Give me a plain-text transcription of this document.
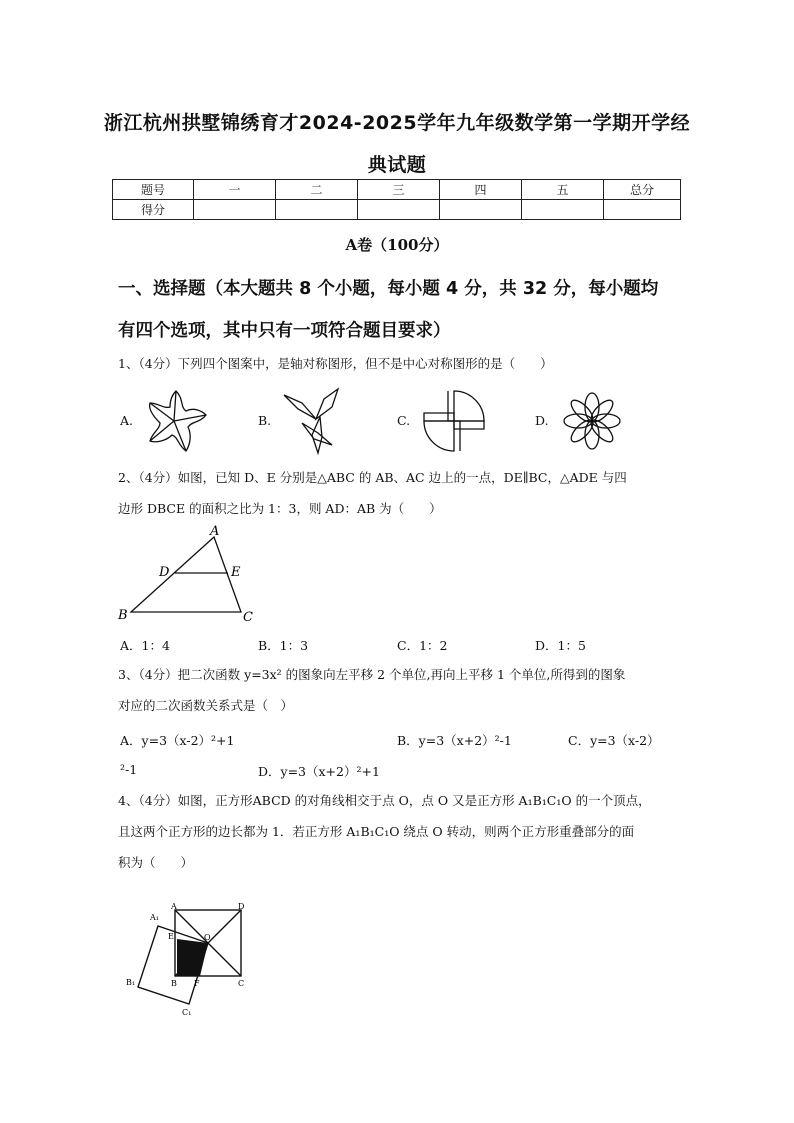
浙江杭州拱墅锦绣育才2024-2025学年九年级数学第一学期开学经
典试题
题号	一	二	三	四	五	总分
得分						
A卷（100分）
一、选择题（本大题共 8 个小题，每小题 4 分，共 32 分，每小题均
有四个选项，其中只有一项符合题目要求）
1、（4分）下列四个图案中，是轴对称图形，但不是中心对称图形的是（　　）
A.	B.	C.	D.
2、（4分）如图，已知 D、E 分别是△ABC 的 AB、AC 边上的一点，DE∥BC，△ADE 与四
边形 DBCE 的面积之比为 1：3，则 AD：AB 为（　　）
A
D	E
B	C
A．1：4	B．1：3	C．1：2	D．1：5
3、（4分）把二次函数 y=3x² 的图象向左平移 2 个单位,再向上平移 1 个单位,所得到的图象
对应的二次函数关系式是（　）
A．y=3（x-2）²+1	B．y=3（x+2）²-1	C．y=3（x-2）
²-1	D．y=3（x+2）²+1
4、（4分）如图，正方形ABCD 的对角线相交于点 O，点 O 又是正方形 A₁B₁C₁O 的一个顶点，
且这两个正方形的边长都为 1．若正方形 A₁B₁C₁O 绕点 O 转动，则两个正方形重叠部分的面
积为（　　）
A₁
A	D
E	O
B₁	B F	C
C₁
